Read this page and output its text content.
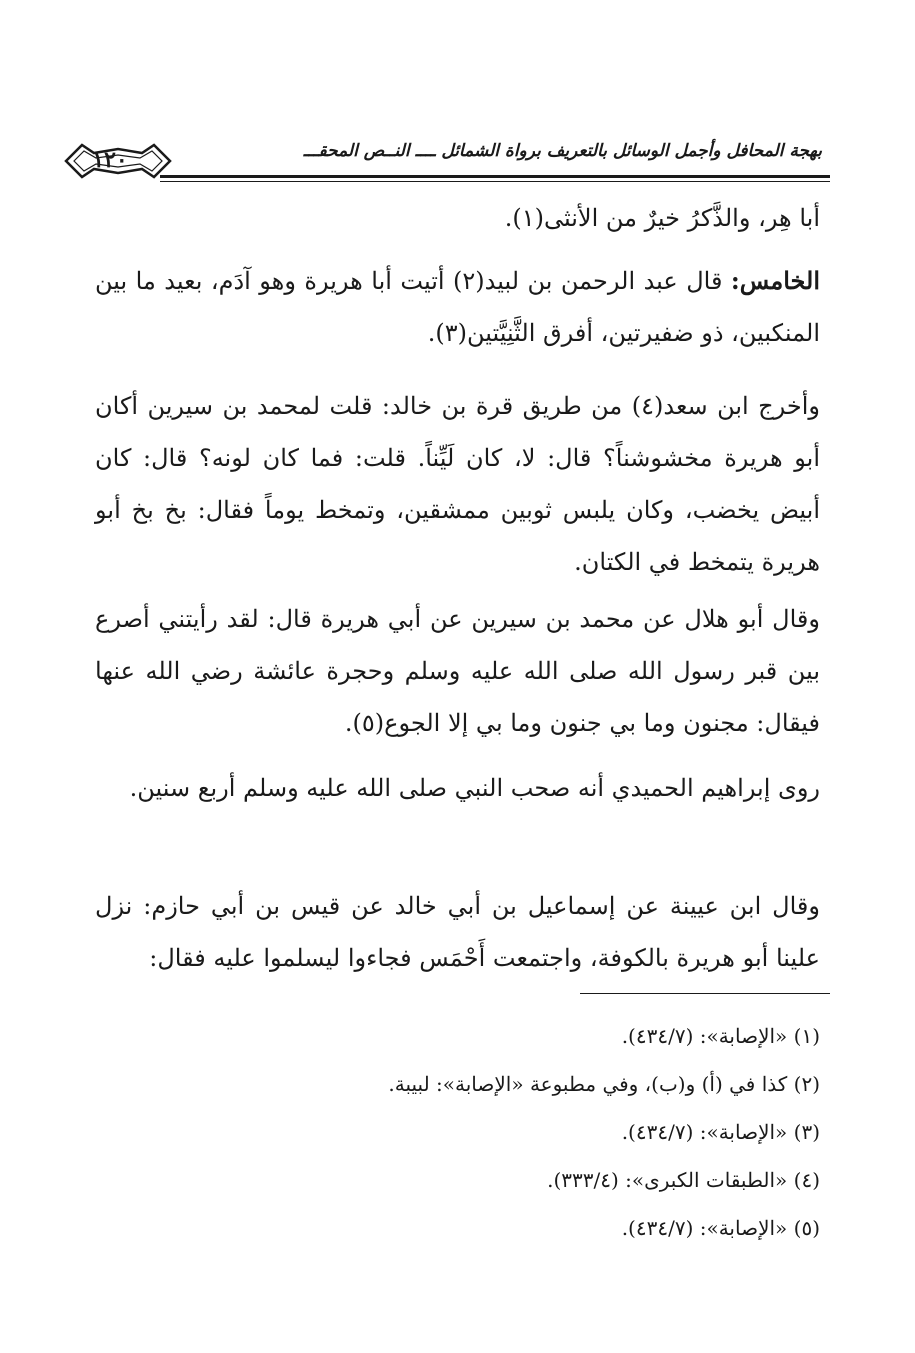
بهجة المحافل وأجمل الوسائل بالتعريف برواة الشمائل ــــ النــص المحقـــ
١٢٠
أبا هِر، والذَّكرُ خيرٌ من الأنثى(١).
الخامس: قال عبد الرحمن بن لبيد(٢) أتيت أبا هريرة وهو آدَم، بعيد ما بين المنكبين، ذو ضفيرتين، أفرق الثَّنِيَّتين(٣).
وأخرج ابن سعد(٤) من طريق قرة بن خالد: قلت لمحمد بن سيرين أكان أبو هريرة مخشوشناً؟ قال: لا، كان لَيِّناً. قلت: فما كان لونه؟ قال: كان أبيض يخضب، وكان يلبس ثوبين ممشقين، وتمخط يوماً فقال: بخ بخ أبو هريرة يتمخط في الكتان.
وقال أبو هلال عن محمد بن سيرين عن أبي هريرة قال: لقد رأيتني أصرع بين قبر رسول الله صلى الله عليه وسلم وحجرة عائشة رضي الله عنها فيقال: مجنون وما بي جنون وما بي إلا الجوع(٥).
روى إبراهيم الحميدي أنه صحب النبي صلى الله عليه وسلم أربع سنين.
وقال ابن عيينة عن إسماعيل بن أبي خالد عن قيس بن أبي حازم: نزل علينا أبو هريرة بالكوفة، واجتمعت أَحْمَس فجاءوا ليسلموا عليه فقال:
(١) «الإصابة»: (٤٣٤/٧).
(٢) كذا في (أ) و(ب)، وفي مطبوعة «الإصابة»: لبيبة.
(٣) «الإصابة»: (٤٣٤/٧).
(٤) «الطبقات الكبرى»: (٣٣٣/٤).
(٥) «الإصابة»: (٤٣٤/٧).
